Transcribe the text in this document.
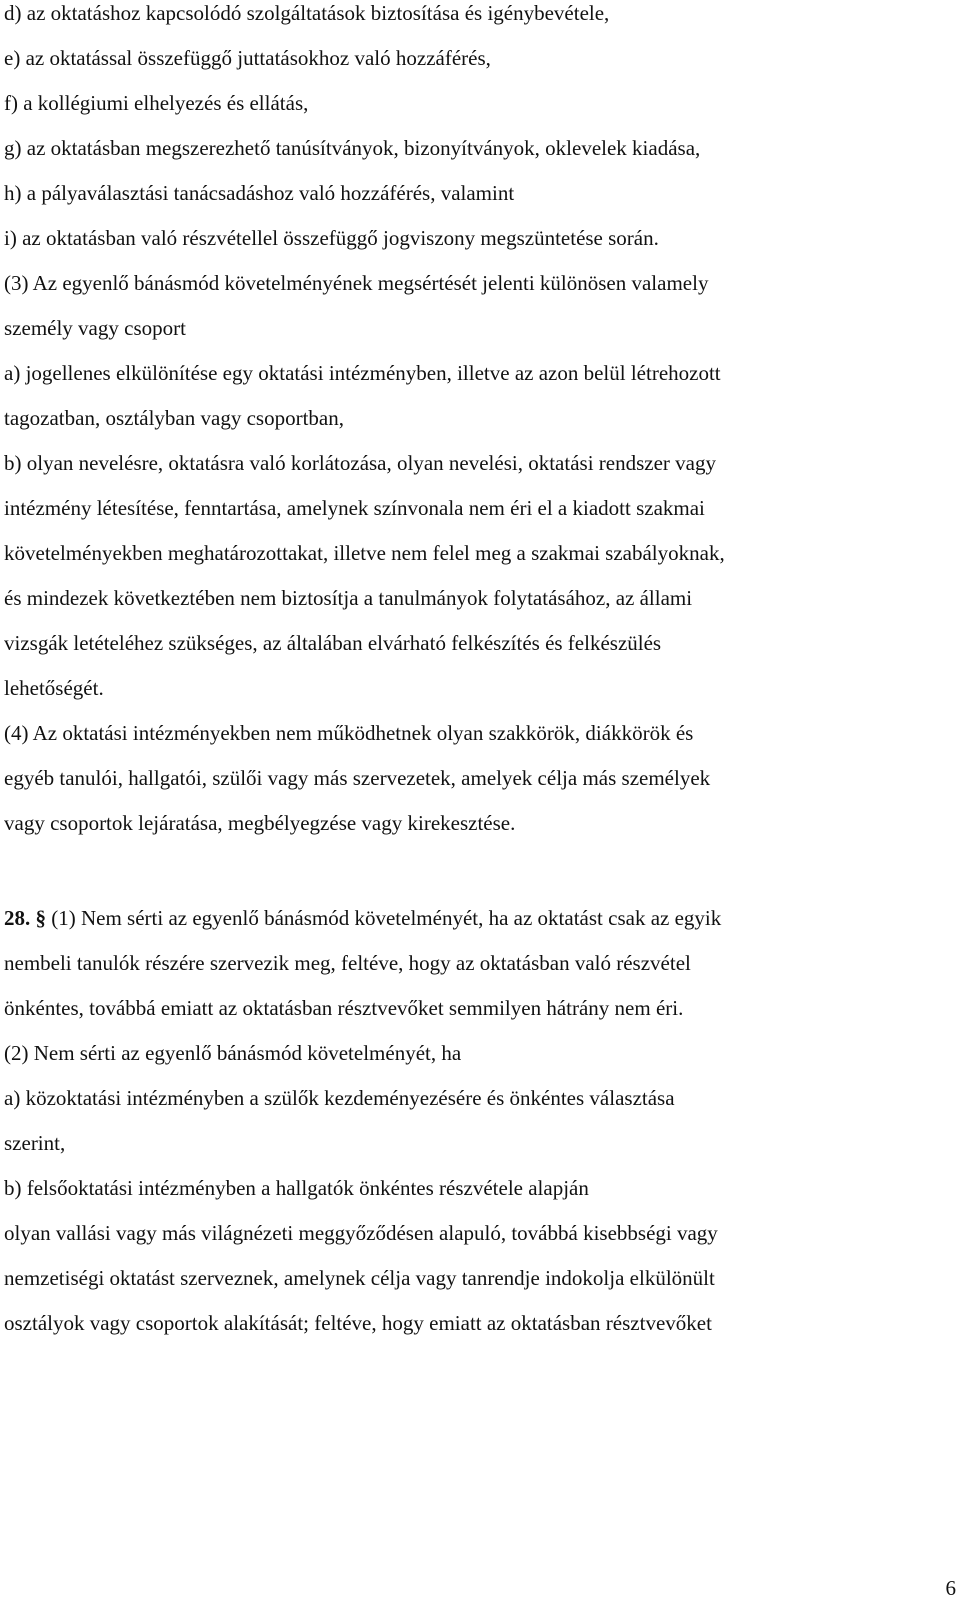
d) az oktatáshoz kapcsolódó szolgáltatások biztosítása és igénybevétele,
e) az oktatással összefüggő juttatásokhoz való hozzáférés,
f) a kollégiumi elhelyezés és ellátás,
g) az oktatásban megszerezhető tanúsítványok, bizonyítványok, oklevelek kiadása,
h) a pályaválasztási tanácsadáshoz való hozzáférés, valamint
i) az oktatásban való részvétellel összefüggő jogviszony megszüntetése során.
(3) Az egyenlő bánásmód követelményének megsértését jelenti különösen valamely
személy vagy csoport
a) jogellenes elkülönítése egy oktatási intézményben, illetve az azon belül létrehozott
tagozatban, osztályban vagy csoportban,
b) olyan nevelésre, oktatásra való korlátozása, olyan nevelési, oktatási rendszer vagy
intézmény létesítése, fenntartása, amelynek színvonala nem éri el a kiadott szakmai
követelményekben meghatározottakat, illetve nem felel meg a szakmai szabályoknak,
és mindezek következtében nem biztosítja a tanulmányok folytatásához, az állami
vizsgák letételéhez szükséges, az általában elvárható felkészítés és felkészülés
lehetőségét.
(4) Az oktatási intézményekben nem működhetnek olyan szakkörök, diákkörök és
egyéb tanulói, hallgatói, szülői vagy más szervezetek, amelyek célja más személyek
vagy csoportok lejáratása, megbélyegzése vagy kirekesztése.
28. § (1) Nem sérti az egyenlő bánásmód követelményét, ha az oktatást csak az egyik
nembeli tanulók részére szervezik meg, feltéve, hogy az oktatásban való részvétel
önkéntes, továbbá emiatt az oktatásban résztvevőket semmilyen hátrány nem éri.
(2) Nem sérti az egyenlő bánásmód követelményét, ha
a) közoktatási intézményben a szülők kezdeményezésére és önkéntes választása
szerint,
b) felsőoktatási intézményben a hallgatók önkéntes részvétele alapján
olyan vallási vagy más világnézeti meggyőződésen alapuló, továbbá kisebbségi vagy
nemzetiségi oktatást szerveznek, amelynek célja vagy tanrendje indokolja elkülönült
osztályok vagy csoportok alakítását; feltéve, hogy emiatt az oktatásban résztvevőket
6
